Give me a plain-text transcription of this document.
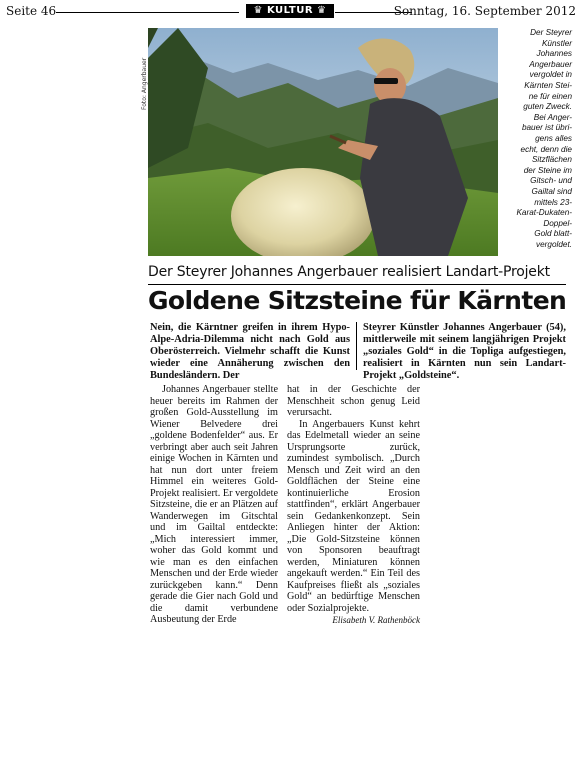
Seite 46	♛ KULTUR ♛	Sonntag, 16. September 2012
Foto: Angerbauer
Der Steyrer
Künstler
Johannes
Angerbauer
vergoldet in
Kärnten Stei-
ne für einen
guten Zweck.
Bei Anger-
bauer ist übri-
gens alles
echt, denn die
Sitzflächen
der Steine im
Gitsch- und
Gailtal sind
mittels 23-
Karat-Dukaten-
Doppel-
Gold blatt-
vergoldet.
Der Steyrer Johannes Angerbauer realisiert Landart-Projekt
Goldene Sitzsteine für Kärnten
Nein, die Kärntner greifen in ihrem Hypo-Alpe-Adria-Dilemma nicht nach Gold aus Oberösterreich. Vielmehr schafft die Kunst wieder eine Annäherung zwischen den Bundesländern. Der
Steyrer Künstler Johannes Angerbauer (54), mittlerweile mit seinem langjährigen Projekt „soziales Gold“ in die Topliga aufgestiegen, realisiert in Kärnten nun sein Landart-Projekt „Goldsteine“.

Johannes Angerbauer stellte heuer bereits im Rahmen der großen Gold-Ausstellung im Wiener Belvedere drei „goldene Bodenfelder“ aus. Er verbringt aber auch seit Jahren einige Wochen in Kärnten und hat nun dort unter freiem Himmel ein weiteres Gold-Projekt realisiert. Er vergoldete Sitzsteine, die er an Plätzen auf Wanderwegen im Gitschtal und im Gailtal entdeckte: „Mich interessiert immer, woher das Gold kommt und wie man es den einfachen Menschen und der Erde wieder zurückgeben kann.“ Denn gerade die Gier nach Gold und die damit verbundene Ausbeutung der Erde

hat in der Geschichte der Menschheit schon genug Leid verursacht.

In Angerbauers Kunst kehrt das Edelmetall wieder an seine Ursprungsorte zurück, zumindest symbolisch. „Durch Mensch und Zeit wird an den Goldflächen der Steine eine kontinuierliche Erosion stattfinden“, erklärt Angerbauer sein Gedankenkonzept. Sein Anliegen hinter der Aktion: „Die Gold-Sitzsteine können von Sponsoren beauftragt werden, Miniaturen können angekauft werden.“ Ein Teil des Kaufpreises fließt als „soziales Gold“ an bedürftige Menschen oder Sozialprojekte.

Elisabeth V. Rathenböck
